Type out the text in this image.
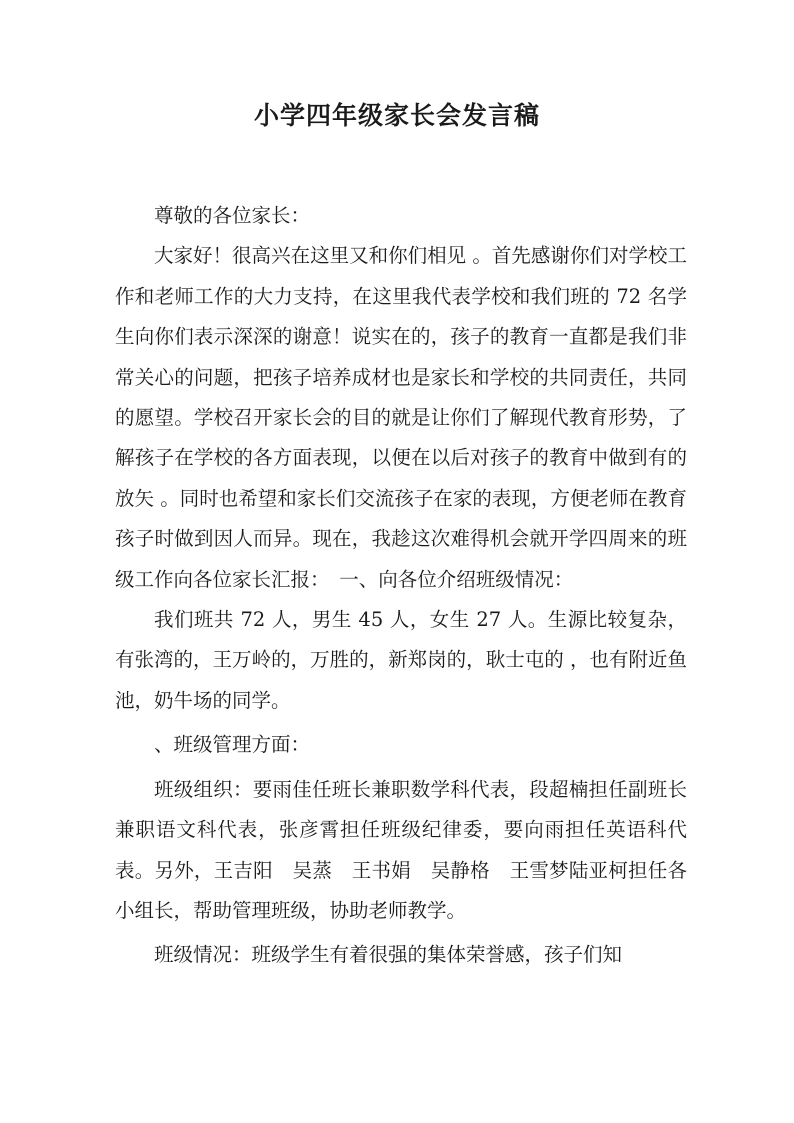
小学四年级家长会发言稿

尊敬的各位家长：

大家好！很高兴在这里又和你们相见 。首先感谢你们对学校工作和老师工作的大力支持，在这里我代表学校和我们班的 72 名学生向你们表示深深的谢意！说实在的，孩子的教育一直都是我们非常关心的问题，把孩子培养成材也是家长和学校的共同责任，共同的愿望。学校召开家长会的目的就是让你们了解现代教育形势，了解孩子在学校的各方面表现，以便在以后对孩子的教育中做到有的放矢 。同时也希望和家长们交流孩子在家的表现，方便老师在教育孩子时做到因人而异。现在，我趁这次难得机会就开学四周来的班级工作向各位家长汇报：　一、向各位介绍班级情况：

我们班共 72 人，男生 45 人，女生 27 人。生源比较复杂，有张湾的，王万岭的，万胜的，新郑岗的，耿士屯的 ，也有附近鱼池，奶牛场的同学。

、班级管理方面：

班级组织：要雨佳任班长兼职数学科代表，段超楠担任副班长兼职语文科代表，张彦霄担任班级纪律委，要向雨担任英语科代表。另外，王吉阳　吴蒸　王书娟　吴静格　王雪梦陆亚柯担任各小组长，帮助管理班级，协助老师教学。

班级情况：班级学生有着很强的集体荣誉感，孩子们知
